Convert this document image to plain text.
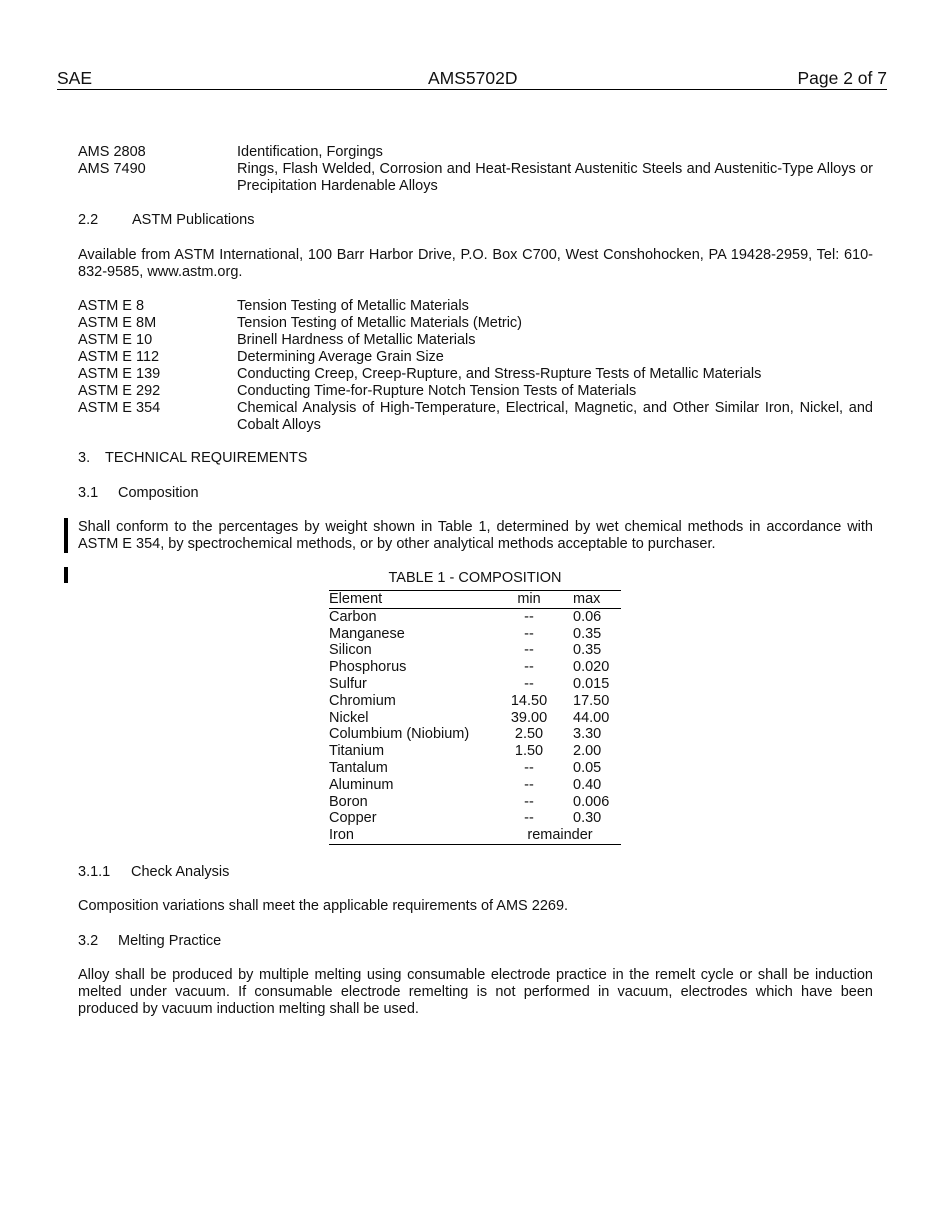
SAE	AMS5702D	Page 2 of 7
AMS 2808	Identification, Forgings
AMS 7490	Rings, Flash Welded, Corrosion and Heat-Resistant Austenitic Steels and Austenitic-Type Alloys or Precipitation Hardenable Alloys
2.2 ASTM Publications
Available from ASTM International, 100 Barr Harbor Drive, P.O. Box C700, West Conshohocken, PA 19428-2959, Tel: 610-832-9585, www.astm.org.
ASTM E 8	Tension Testing of Metallic Materials
ASTM E 8M	Tension Testing of Metallic Materials (Metric)
ASTM E 10	Brinell Hardness of Metallic Materials
ASTM E 112	Determining Average Grain Size
ASTM E 139	Conducting Creep, Creep-Rupture, and Stress-Rupture Tests of Metallic Materials
ASTM E 292	Conducting Time-for-Rupture Notch Tension Tests of Materials
ASTM E 354	Chemical Analysis of High-Temperature, Electrical, Magnetic, and Other Similar Iron, Nickel, and Cobalt Alloys
3. TECHNICAL REQUIREMENTS
3.1 Composition
Shall conform to the percentages by weight shown in Table 1, determined by wet chemical methods in accordance with ASTM E 354, by spectrochemical methods, or by other analytical methods acceptable to purchaser.
TABLE 1 - COMPOSITION
Element	min	max
Carbon	--	0.06
Manganese	--	0.35
Silicon	--	0.35
Phosphorus	--	0.020
Sulfur	--	0.015
Chromium	14.50	17.50
Nickel	39.00	44.00
Columbium (Niobium)	2.50	3.30
Titanium	1.50	2.00
Tantalum	--	0.05
Aluminum	--	0.40
Boron	--	0.006
Copper	--	0.30
Iron	remainder	
3.1.1 Check Analysis
Composition variations shall meet the applicable requirements of AMS 2269.
3.2 Melting Practice
Alloy shall be produced by multiple melting using consumable electrode practice in the remelt cycle or shall be induction melted under vacuum. If consumable electrode remelting is not performed in vacuum, electrodes which have been produced by vacuum induction melting shall be used.
